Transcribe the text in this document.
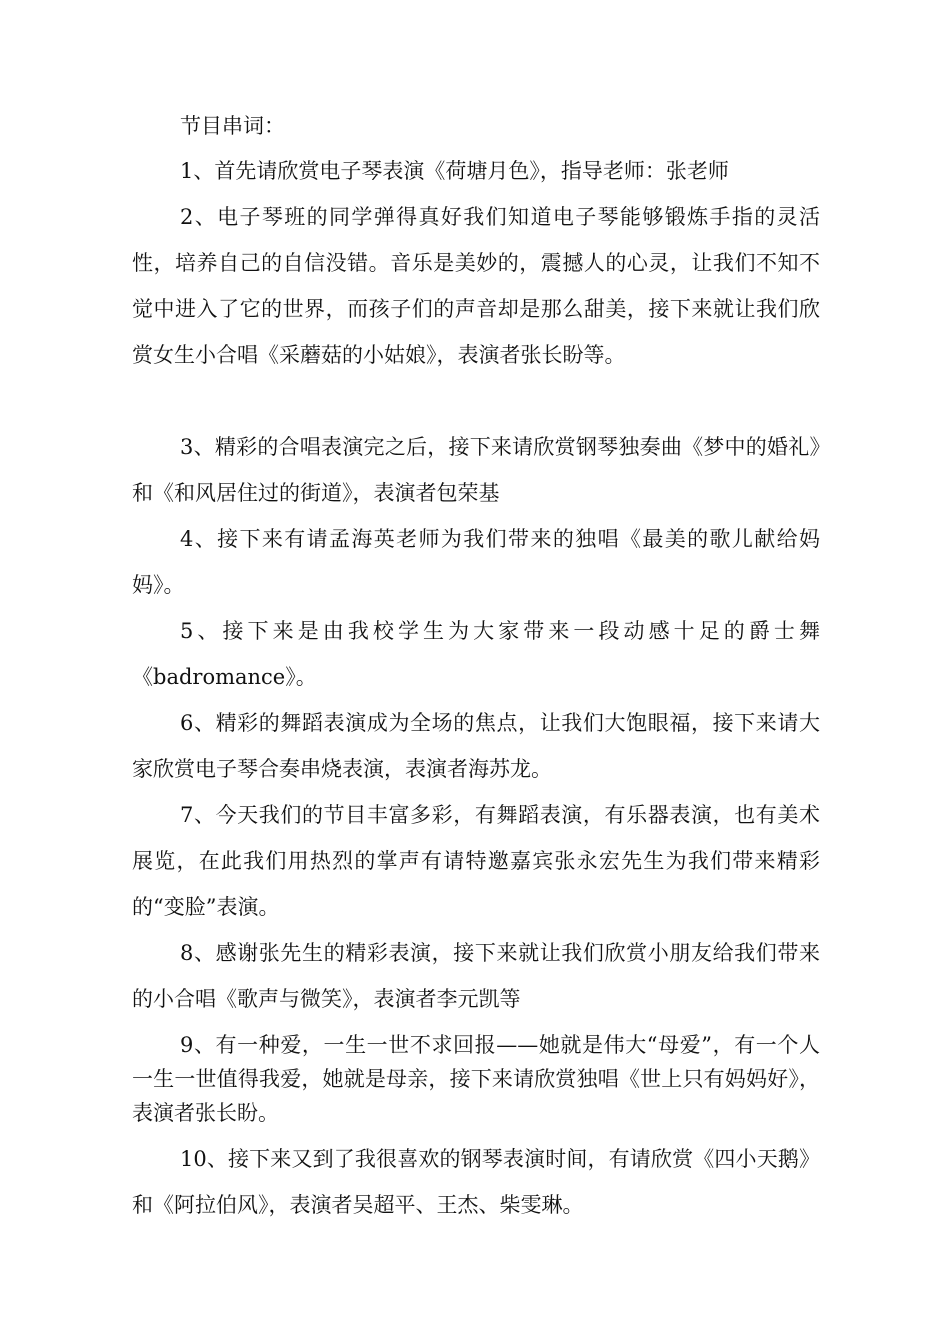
节目串词：

1、首先请欣赏电子琴表演《荷塘月色》，指导老师：张老师

2、电子琴班的同学弹得真好我们知道电子琴能够锻炼手指的灵活性，培养自己的自信没错。音乐是美妙的，震撼人的心灵，让我们不知不觉中进入了它的世界，而孩子们的声音却是那么甜美，接下来就让我们欣赏女生小合唱《采蘑菇的小姑娘》，表演者张长盼等。

3、精彩的合唱表演完之后，接下来请欣赏钢琴独奏曲《梦中的婚礼》和《和风居住过的街道》，表演者包荣基

4、接下来有请孟海英老师为我们带来的独唱《最美的歌儿献给妈妈》。

5、接下来是由我校学生为大家带来一段动感十足的爵士舞《badromance》。

6、精彩的舞蹈表演成为全场的焦点，让我们大饱眼福，接下来请大家欣赏电子琴合奏串烧表演，表演者海苏龙。

7、今天我们的节目丰富多彩，有舞蹈表演，有乐器表演，也有美术展览，在此我们用热烈的掌声有请特邀嘉宾张永宏先生为我们带来精彩的“变脸”表演。

8、感谢张先生的精彩表演，接下来就让我们欣赏小朋友给我们带来的小合唱《歌声与微笑》，表演者李元凯等

9、有一种爱，一生一世不求回报——她就是伟大“母爱”，有一个人一生一世值得我爱，她就是母亲，接下来请欣赏独唱《世上只有妈妈好》，表演者张长盼。

10、接下来又到了我很喜欢的钢琴表演时间，有请欣赏《四小天鹅》和《阿拉伯风》，表演者吴超平、王杰、柴雯琳。
